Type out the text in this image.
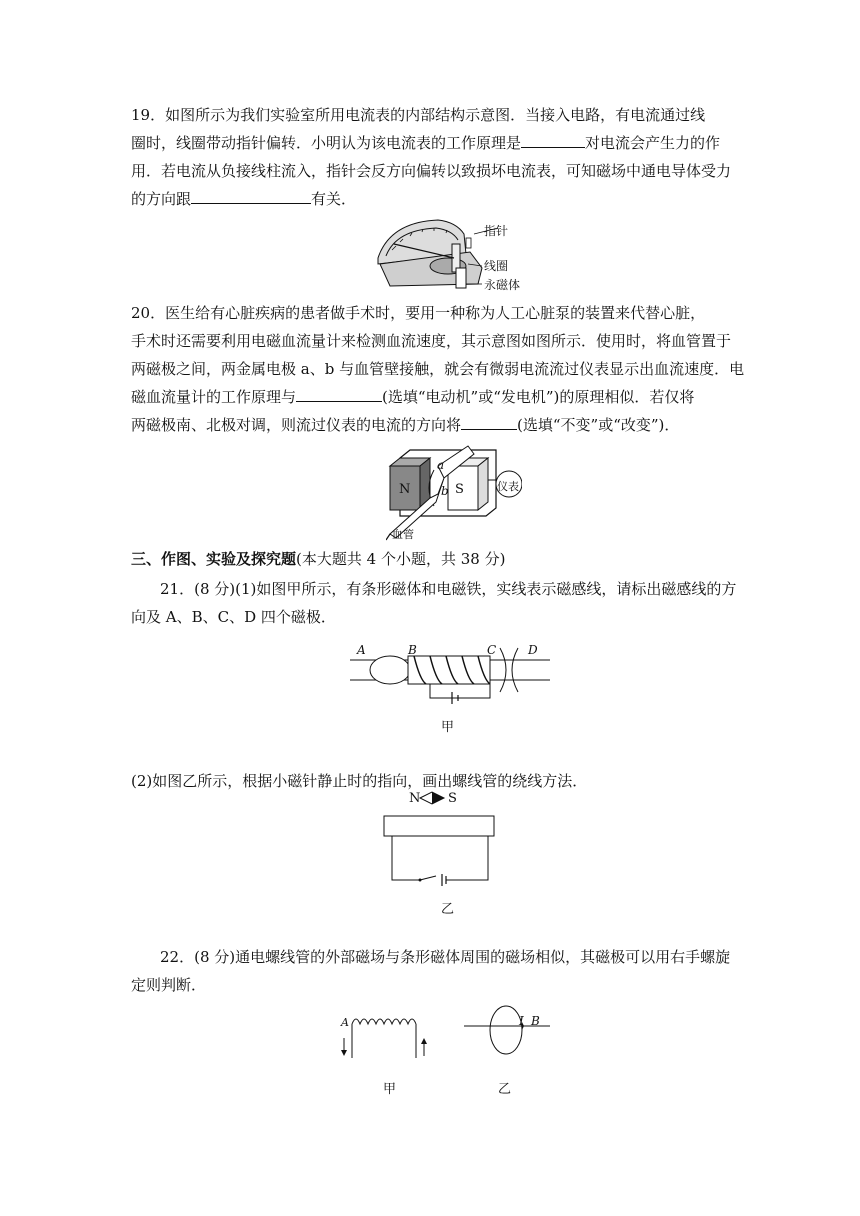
19．如图所示为我们实验室所用电流表的内部结构示意图．当接入电路，有电流通过线
圈时，线圈带动指针偏转．小明认为该电流表的工作原理是	对电流会产生力的作
用．若电流从负接线柱流入，指针会反方向偏转以致损坏电流表，可知磁场中通电导体受力
的方向跟	有关．
指针
线圈
永磁体
20．医生给有心脏疾病的患者做手术时，要用一种称为人工心脏泵的装置来代替心脏，
手术时还需要利用电磁血流量计来检测血流速度，其示意图如图所示．使用时，将血管置于
两磁极之间，两金属电极 a、b 与血管壁接触，就会有微弱电流流过仪表显示出血流速度．电
磁血流量计的工作原理与	(选填“电动机”或“发电机”)的原理相似．若仅将
两磁极南、北极对调，则流过仪表的电流的方向将	(选填“不变”或“改变”)．
N	S
a
b	仪表
血管
三、作图、实验及探究题(本大题共 4 个小题，共 38 分)
21．(8 分)(1)如图甲所示，有条形磁体和电磁铁，实线表示磁感线，请标出磁感线的方
向及 A、B、C、D 四个磁极．
A	B	C	D
甲
(2)如图乙所示，根据小磁针静止时的指向，画出螺线管的绕线方法．
N S
乙
22．(8 分)通电螺线管的外部磁场与条形磁体周围的磁场相似，其磁极可以用右手螺旋
定则判断．
A	I B
甲	乙
